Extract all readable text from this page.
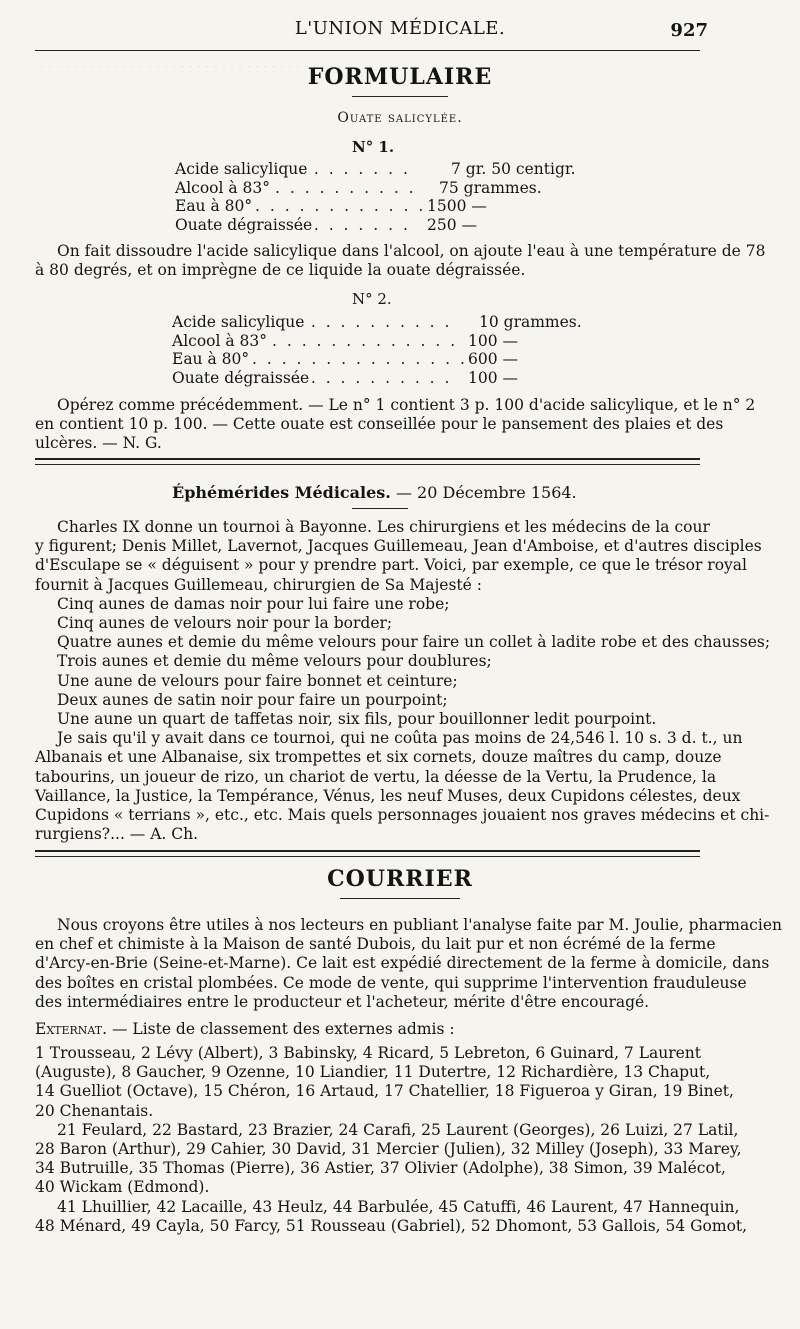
· · · · · · · · · · · · · · · · · · · · · · · · · · · · · · · · · · · · ·
L'UNION MÉDICALE.	927
FORMULAIRE
Ouate salicylée.
N° 1.
Acide salicylique
. . . . . . . .	7 gr. 50 centigr.
Alcool à 83° . . . . . . . . . . 75 grammes.
Eau à 80° . . . . . . . . . . . . 1500 —
Ouate dégraissée
. . . . . . . . 250 —
On fait dissoudre l'acide salicylique dans l'alcool, on ajoute l'eau à une température de 78
à 80 degrés, et on imprègne de ce liquide la ouate dégraissée.
N° 2.
Acide salicylique
. . . . . . . . . . . 10 grammes.
Alcool à 83° . . . . . . . . . . . . . 100 —
Eau à 80° . . . . . . . . . . . . . . . 600 —
Ouate dégraissée
. . . . . . . . . . . 100 —
Opérez comme précédemment. — Le n° 1 contient 3 p. 100 d'acide salicylique, et le n° 2
en contient 10 p. 100. — Cette ouate est conseillée pour le pansement des plaies et des
ulcères. — N. G.
Éphémérides Médicales. — 20 Décembre 1564.
Charles IX donne un tournoi à Bayonne. Les chirurgiens et les médecins de la cour
y figurent; Denis Millet, Lavernot, Jacques Guillemeau, Jean d'Amboise, et d'autres disciples
d'Esculape se « déguisent » pour y prendre part. Voici, par exemple, ce que le trésor royal
fournit à Jacques Guillemeau, chirurgien de Sa Majesté :
Cinq aunes de damas noir pour lui faire une robe;
Cinq aunes de velours noir pour la border;
Quatre aunes et demie du même velours pour faire un collet à ladite robe et des chausses;
Trois aunes et demie du même velours pour doublures;
Une aune de velours pour faire bonnet et ceinture;
Deux aunes de satin noir pour faire un pourpoint;
Une aune un quart de taffetas noir, six fils, pour bouillonner ledit pourpoint.
Je sais qu'il y avait dans ce tournoi, qui ne coûta pas moins de 24,546 l. 10 s. 3 d. t., un
Albanais et une Albanaise, six trompettes et six cornets, douze maîtres du camp, douze
tabourins, un joueur de rizo, un chariot de vertu, la déesse de la Vertu, la Prudence, la
Vaillance, la Justice, la Tempérance, Vénus, les neuf Muses, deux Cupidons célestes, deux
Cupidons « terrians », etc., etc. Mais quels personnages jouaient nos graves médecins et chi-
rurgiens?... — A. Ch.
COURRIER
Nous croyons être utiles à nos lecteurs en publiant l'analyse faite par M. Joulie, pharmacien
en chef et chimiste à la Maison de santé Dubois, du lait pur et non écrémé de la ferme
d'Arcy-en-Brie (Seine-et-Marne). Ce lait est expédié directement de la ferme à domicile, dans
des boîtes en cristal plombées. Ce mode de vente, qui supprime l'intervention frauduleuse
des intermédiaires entre le producteur et l'acheteur, mérite d'être encouragé.
Externat. — Liste de classement des externes admis :
1 Trousseau, 2 Lévy (Albert), 3 Babinsky, 4 Ricard, 5 Lebreton, 6 Guinard, 7 Laurent
(Auguste), 8 Gaucher, 9 Ozenne, 10 Liandier, 11 Dutertre, 12 Richardière, 13 Chaput,
14 Guelliot (Octave), 15 Chéron, 16 Artaud, 17 Chatellier, 18 Figueroa y Giran, 19 Binet,
20 Chenantais.
21 Feulard, 22 Bastard, 23 Brazier, 24 Carafi, 25 Laurent (Georges), 26 Luizi, 27 Latil,
28 Baron (Arthur), 29 Cahier, 30 David, 31 Mercier (Julien), 32 Milley (Joseph), 33 Marey,
34 Butruille, 35 Thomas (Pierre), 36 Astier, 37 Olivier (Adolphe), 38 Simon, 39 Malécot,
40 Wickam (Edmond).
41 Lhuillier, 42 Lacaille, 43 Heulz, 44 Barbulée, 45 Catuffi, 46 Laurent, 47 Hannequin,
48 Ménard, 49 Cayla, 50 Farcy, 51 Rousseau (Gabriel), 52 Dhomont, 53 Gallois, 54 Gomot,
